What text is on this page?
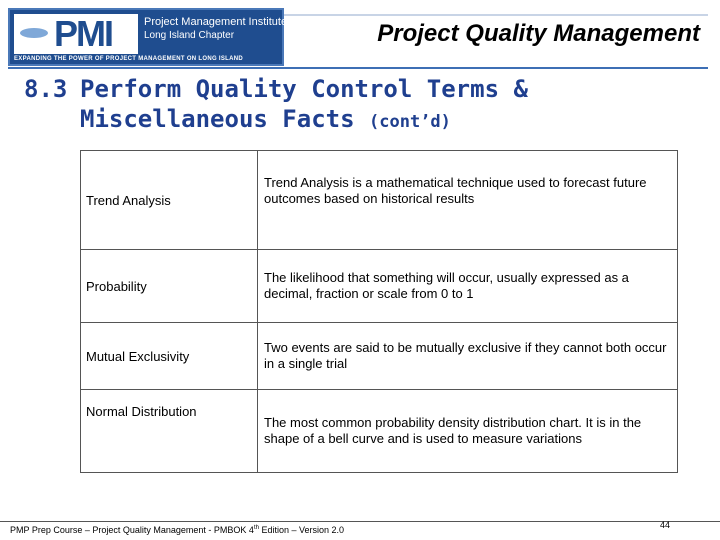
PMI	Project Management Institute
Long Island Chapter
EXPANDING THE POWER OF PROJECT MANAGEMENT ON LONG ISLAND
Project Quality Management
8.3 Perform Quality Control Terms &
Miscellaneous Facts (cont’d)
Trend Analysis	Trend Analysis is a mathematical technique used to forecast future outcomes based on historical results
Probability	The likelihood that something will occur, usually expressed as a decimal, fraction or scale from 0 to 1
Mutual Exclusivity	Two events are said to be mutually exclusive if they cannot both occur in a single trial
Normal Distribution	The most common probability density distribution chart. It is in the shape of a bell curve and is used to measure variations
PMP Prep Course – Project Quality Management - PMBOK 4th Edition – Version 2.0	44
